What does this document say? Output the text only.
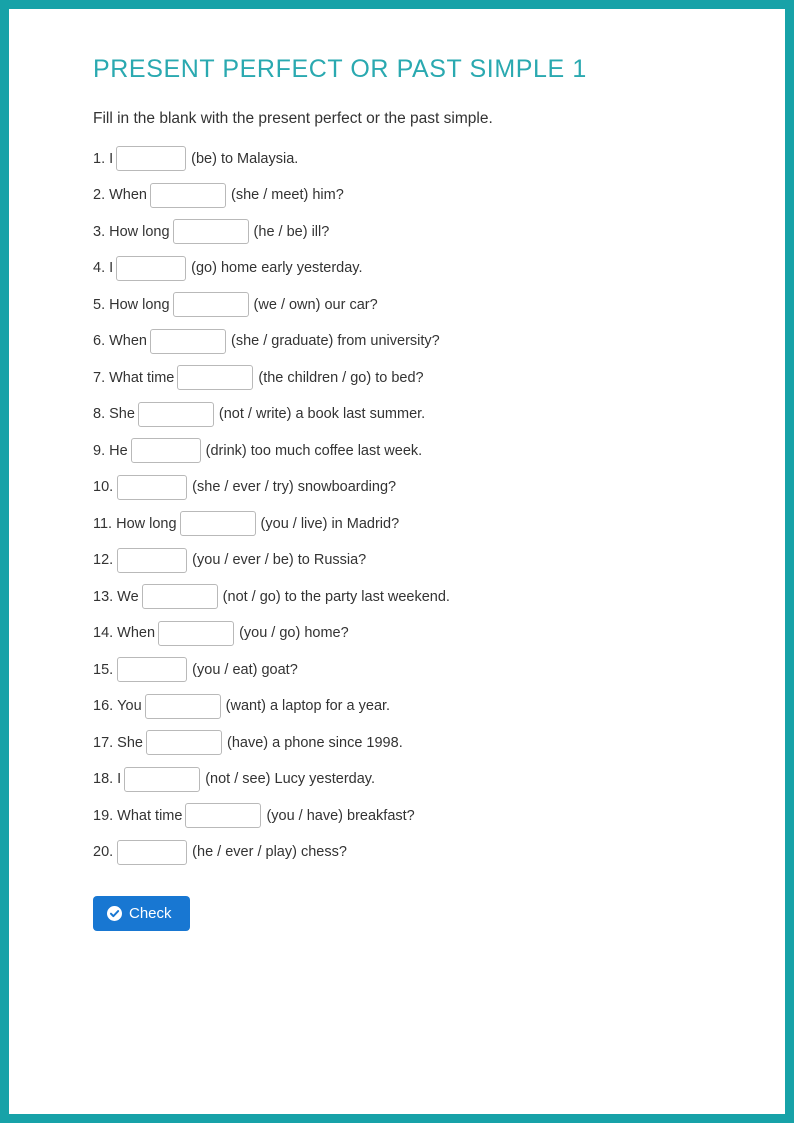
PRESENT PERFECT OR PAST SIMPLE 1

Fill in the blank with the present perfect or the past simple.

1. I	(be) to Malaysia.
2. When	(she / meet) him?
3. How long	(he / be) ill?
4. I	(go) home early yesterday.
5. How long	(we / own) our car?
6. When	(she / graduate) from university?
7. What time	(the children / go) to bed?
8. She	(not / write) a book last summer.
9. He	(drink) too much coffee last week.
10.	(she / ever / try) snowboarding?
11. How long	(you / live) in Madrid?
12.	(you / ever / be) to Russia?
13. We	(not / go) to the party last weekend.
14. When	(you / go) home?
15.	(you / eat) goat?
16. You	(want) a laptop for a year.
17. She	(have) a phone since 1998.
18. I	(not / see) Lucy yesterday.
19. What time	(you / have) breakfast?
20.	(he / ever / play) chess?
Check
